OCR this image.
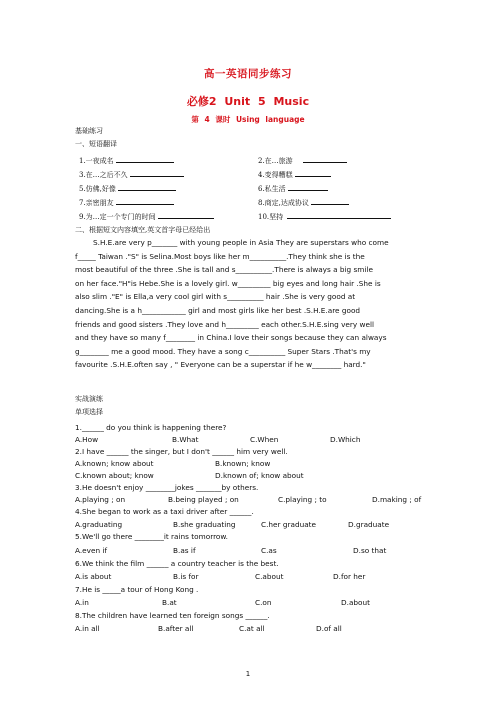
高一英语同步练习
必修2 Unit 5 Music
第 4 课时 Using language
基础练习
一、短语翻译
1.一夜成名	2.在…旅游
3.在…之后不久	4.变得糟糕
5.仿佛,好像	6.私生活
7.亲密朋友	8.商定,达成协议
9.为…定一个专门的时间	10.坚持
二、根据短文内容填空,英文首字母已经给出
S.H.E.are very p_______ with young people in Asia They are superstars who come
f_____ Taiwan ."S" is Selina.Most boys like her m__________.They think she is the
most beautiful of the three .She is tall and s__________.There is always a big smile
on her face."H"is Hebe.She is a lovely girl. w_________ big eyes and long hair .She is
also slim ."E" is Ella,a very cool girl with s__________ hair .She is very good at
dancing.She is a h____________ girl and most girls like her best .S.H.E.are good
friends and good sisters .They love and h_________ each other.S.H.E.sing very well
and they have so many f________ in China.I love their songs because they can always
g________ me a good mood. They have a song c__________ Super Stars .That's my
favourite .S.H.E.often say , " Everyone can be a superstar if he w________ hard."
实战演练
单项选择
1.______ do you think is happening there?
A.How	B.What	C.When	D.Which
2.I have ______ the singer, but I don't ______ him very well.
A.known; know about	B.known; know
C.known about; know	D.known of; know about
3.He doesn't enjoy ________jokes _______by others.
A.playing ; on	B.being played ; on	C.playing ; to	D.making ; of
4.She began to work as a taxi driver after ______.
A.graduating	B.she graduating	C.her graduate	D.graduate
5.We'll go there ________it rains tomorrow.
A.even if	B.as if	C.as	D.so that
6.We think the film ______ a country teacher is the best.
A.is about	B.is for	C.about	D.for her
7.He is _____a tour of Hong Kong .
A.in	B.at	C.on	D.about
8.The children have learned ten foreign songs ______.
A.in all	B.after all	C.at all	D.of all
1
